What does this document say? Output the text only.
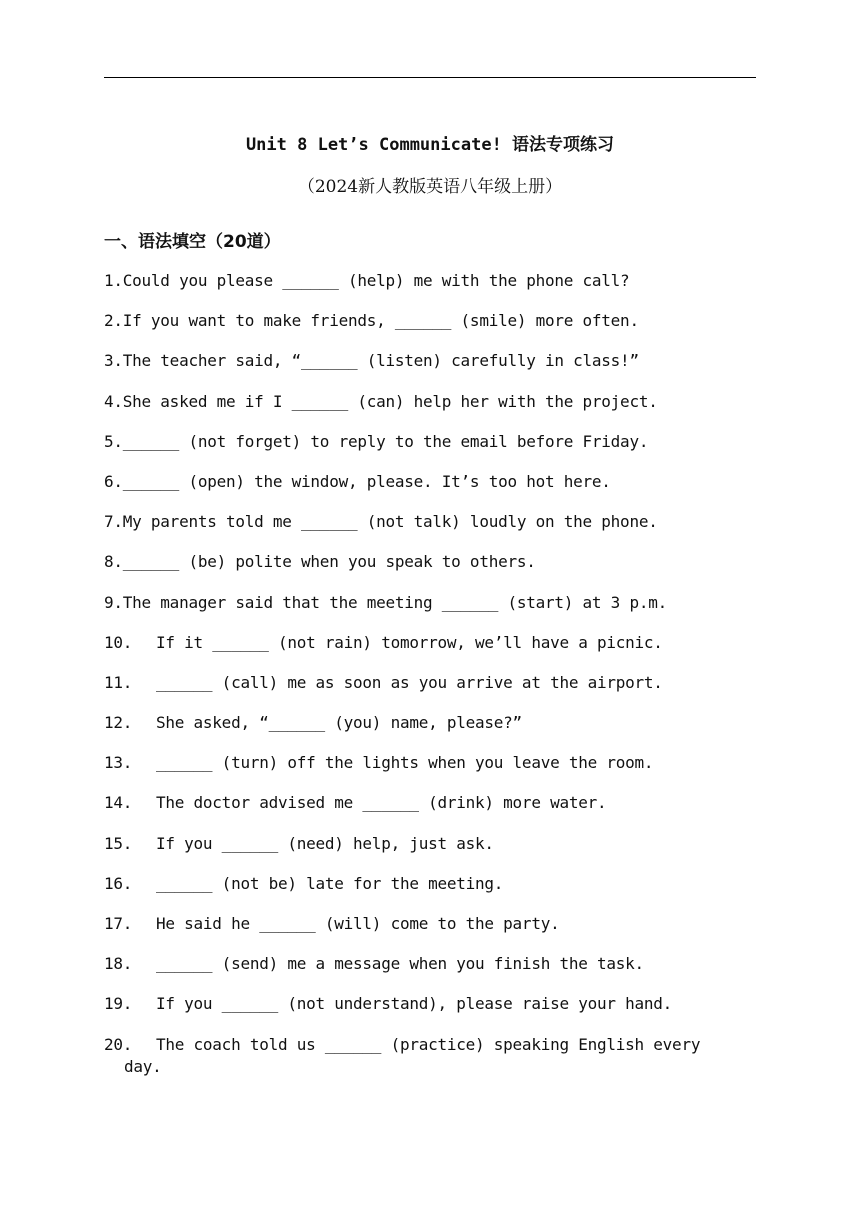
Unit 8 Let’s Communicate! 语法专项练习
（2024新人教版英语八年级上册）
一、语法填空（20道）
1.Could you please ______ (help) me with the phone call?
2.If you want to make friends, ______ (smile) more often.
3.The teacher said, “______ (listen) carefully in class!”
4.She asked me if I ______ (can) help her with the project.
5.______ (not forget) to reply to the email before Friday.
6.______ (open) the window, please. It’s too hot here.
7.My parents told me ______ (not talk) loudly on the phone.
8.______ (be) polite when you speak to others.
9.The manager said that the meeting ______ (start) at 3 p.m.
10. If it ______ (not rain) tomorrow, we’ll have a picnic.
11. ______ (call) me as soon as you arrive at the airport.
12. She asked, “______ (you) name, please?”
13. ______ (turn) off the lights when you leave the room.
14. The doctor advised me ______ (drink) more water.
15. If you ______ (need) help, just ask.
16. ______ (not be) late for the meeting.
17. He said he ______ (will) come to the party.
18. ______ (send) me a message when you finish the task.
19. If you ______ (not understand), please raise your hand.
20. The coach told us ______ (practice) speaking English every
day.
